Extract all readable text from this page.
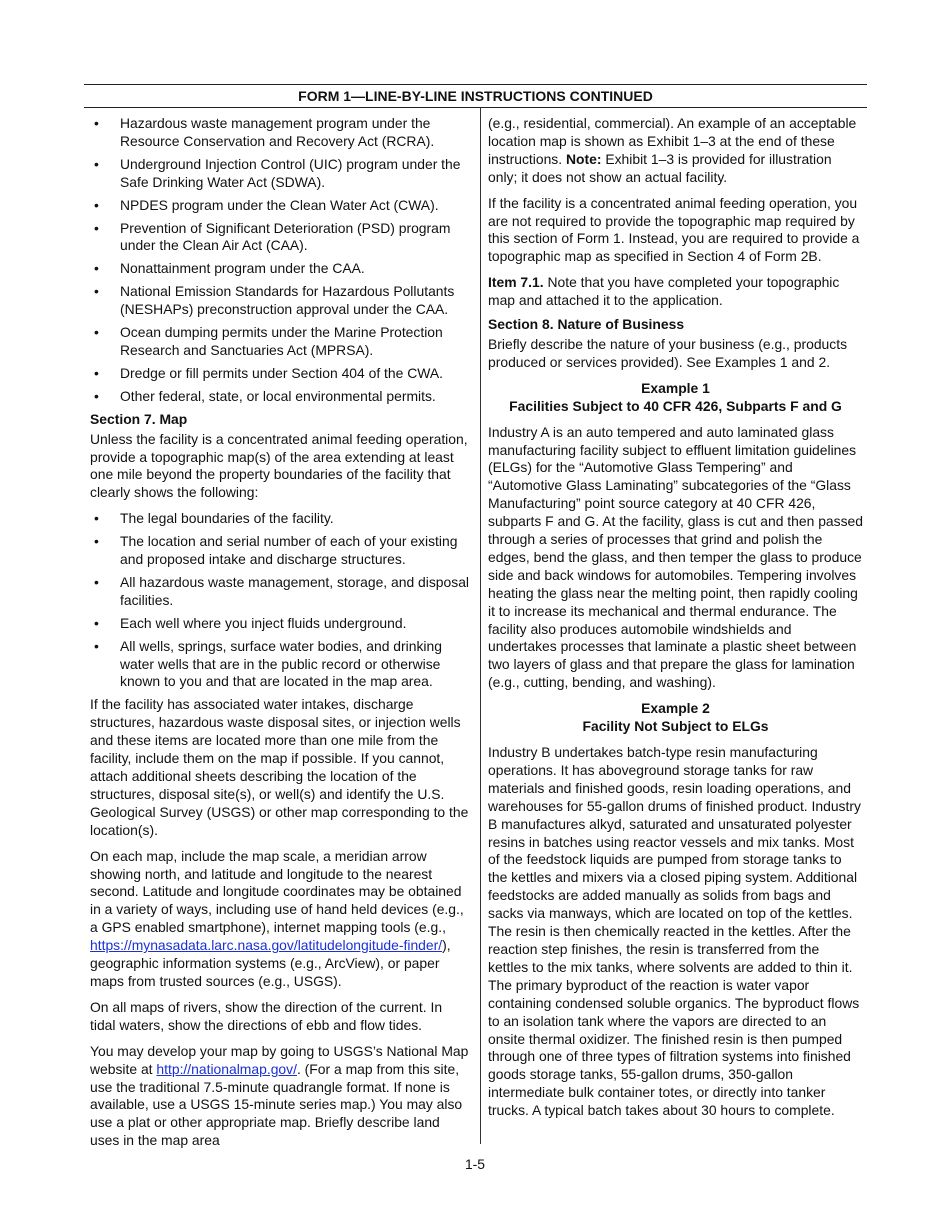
FORM 1—LINE-BY-LINE INSTRUCTIONS CONTINUED
• Hazardous waste management program under the Resource Conservation and Recovery Act (RCRA).
• Underground Injection Control (UIC) program under the Safe Drinking Water Act (SDWA).
• NPDES program under the Clean Water Act (CWA).
• Prevention of Significant Deterioration (PSD) program under the Clean Air Act (CAA).
• Nonattainment program under the CAA.
• National Emission Standards for Hazardous Pollutants (NESHAPs) preconstruction approval under the CAA.
• Ocean dumping permits under the Marine Protection Research and Sanctuaries Act (MPRSA).
• Dredge or fill permits under Section 404 of the CWA.
• Other federal, state, or local environmental permits.
Section 7. Map

Unless the facility is a concentrated animal feeding operation, provide a topographic map(s) of the area extending at least one mile beyond the property boundaries of the facility that clearly shows the following:

• The legal boundaries of the facility.
• The location and serial number of each of your existing and proposed intake and discharge structures.
• All hazardous waste management, storage, and disposal facilities.
• Each well where you inject fluids underground.
• All wells, springs, surface water bodies, and drinking water wells that are in the public record or otherwise known to you and that are located in the map area.

If the facility has associated water intakes, discharge structures, hazardous waste disposal sites, or injection wells and these items are located more than one mile from the facility, include them on the map if possible. If you cannot, attach additional sheets describing the location of the structures, disposal site(s), or well(s) and identify the U.S. Geological Survey (USGS) or other map corresponding to the location(s).

On each map, include the map scale, a meridian arrow showing north, and latitude and longitude to the nearest second. Latitude and longitude coordinates may be obtained in a variety of ways, including use of hand held devices (e.g., a GPS enabled smartphone), internet mapping tools (e.g., https://mynasadata.larc.nasa.gov/latitudelongitude-finder/), geographic information systems (e.g., ArcView), or paper maps from trusted sources (e.g., USGS).

On all maps of rivers, show the direction of the current. In tidal waters, show the directions of ebb and flow tides.

You may develop your map by going to USGS’s National Map website at http://nationalmap.gov/. (For a map from this site, use the traditional 7.5-minute quadrangle format. If none is available, use a USGS 15-minute series map.) You may also use a plat or other appropriate map. Briefly describe land uses in the map area

(e.g., residential, commercial). An example of an acceptable location map is shown as Exhibit 1–3 at the end of these instructions. Note: Exhibit 1–3 is provided for illustration only; it does not show an actual facility.

If the facility is a concentrated animal feeding operation, you are not required to provide the topographic map required by this section of Form 1. Instead, you are required to provide a topographic map as specified in Section 4 of Form 2B.

Item 7.1. Note that you have completed your topographic map and attached it to the application.

Section 8. Nature of Business

Briefly describe the nature of your business (e.g., products produced or services provided). See Examples 1 and 2.

Example 1
Facilities Subject to 40 CFR 426, Subparts F and G

Industry A is an auto tempered and auto laminated glass manufacturing facility subject to effluent limitation guidelines (ELGs) for the “Automotive Glass Tempering” and “Automotive Glass Laminating” subcategories of the “Glass Manufacturing” point source category at 40 CFR 426, subparts F and G. At the facility, glass is cut and then passed through a series of processes that grind and polish the edges, bend the glass, and then temper the glass to produce side and back windows for automobiles. Tempering involves heating the glass near the melting point, then rapidly cooling it to increase its mechanical and thermal endurance. The facility also produces automobile windshields and undertakes processes that laminate a plastic sheet between two layers of glass and that prepare the glass for lamination (e.g., cutting, bending, and washing).

Example 2
Facility Not Subject to ELGs

Industry B undertakes batch-type resin manufacturing operations. It has aboveground storage tanks for raw materials and finished goods, resin loading operations, and warehouses for 55-gallon drums of finished product. Industry B manufactures alkyd, saturated and unsaturated polyester resins in batches using reactor vessels and mix tanks. Most of the feedstock liquids are pumped from storage tanks to the kettles and mixers via a closed piping system. Additional feedstocks are added manually as solids from bags and sacks via manways, which are located on top of the kettles. The resin is then chemically reacted in the kettles. After the reaction step finishes, the resin is transferred from the kettles to the mix tanks, where solvents are added to thin it. The primary byproduct of the reaction is water vapor containing condensed soluble organics. The byproduct flows to an isolation tank where the vapors are directed to an onsite thermal oxidizer. The finished resin is then pumped through one of three types of filtration systems into finished goods storage tanks, 55-gallon drums, 350-gallon intermediate bulk container totes, or directly into tanker trucks. A typical batch takes about 30 hours to complete.

1-5
